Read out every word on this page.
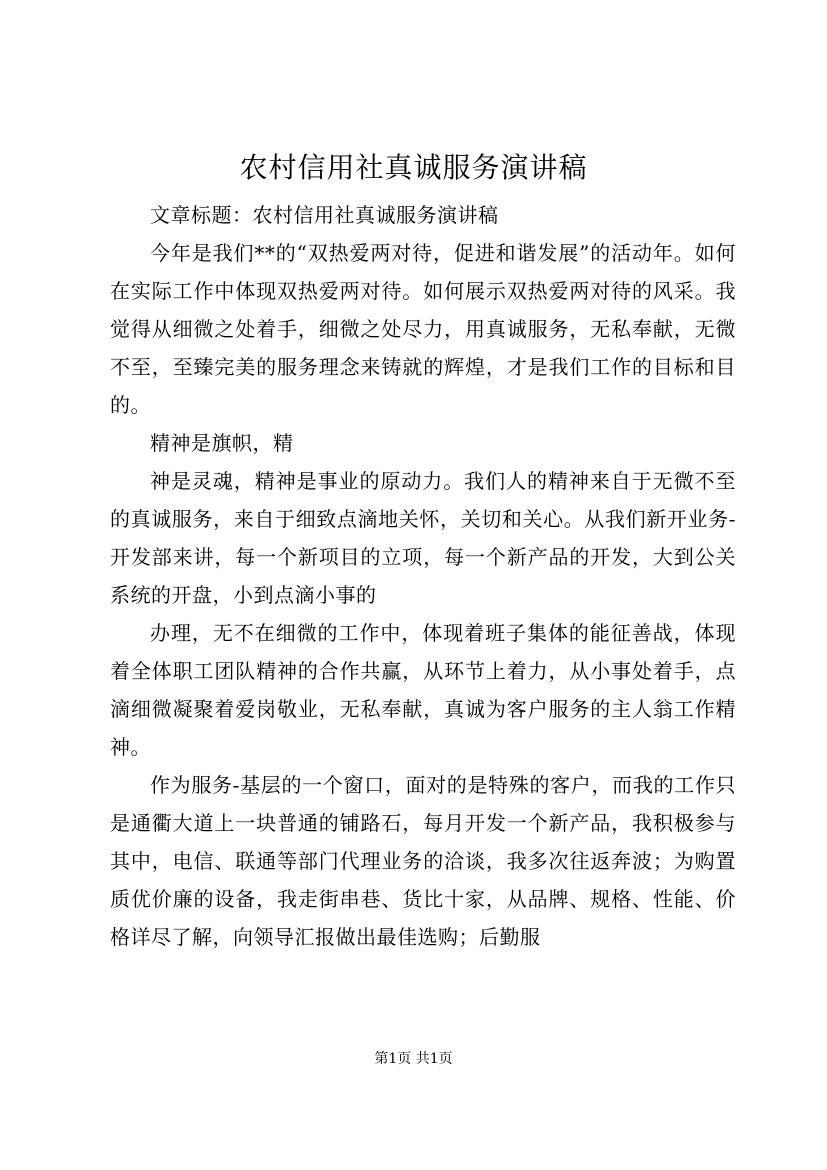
农村信用社真诚服务演讲稿

文章标题：农村信用社真诚服务演讲稿

今年是我们**的“双热爱两对待，促进和谐发展”的活动年。如何在实际工作中体现双热爱两对待。如何展示双热爱两对待的风采。我觉得从细微之处着手，细微之处尽力，用真诚服务，无私奉献，无微不至，至臻完美的服务理念来铸就的辉煌，才是我们工作的目标和目的。

精神是旗帜，精

神是灵魂，精神是事业的原动力。我们人的精神来自于无微不至的真诚服务，来自于细致点滴地关怀，关切和关心。从我们新开业务-开发部来讲，每一个新项目的立项，每一个新产品的开发，大到公关系统的开盘，小到点滴小事的

办理，无不在细微的工作中，体现着班子集体的能征善战，体现着全体职工团队精神的合作共赢，从环节上着力，从小事处着手，点滴细微凝聚着爱岗敬业，无私奉献，真诚为客户服务的主人翁工作精神。

作为服务-基层的一个窗口，面对的是特殊的客户，而我的工作只是通衢大道上一块普通的铺路石，每月开发一个新产品，我积极参与其中，电信、联通等部门代理业务的洽谈，我多次往返奔波；为购置质优价廉的设备，我走街串巷、货比十家，从品牌、规格、性能、价格详尽了解，向领导汇报做出最佳选购；后勤服

第1页 共1页
